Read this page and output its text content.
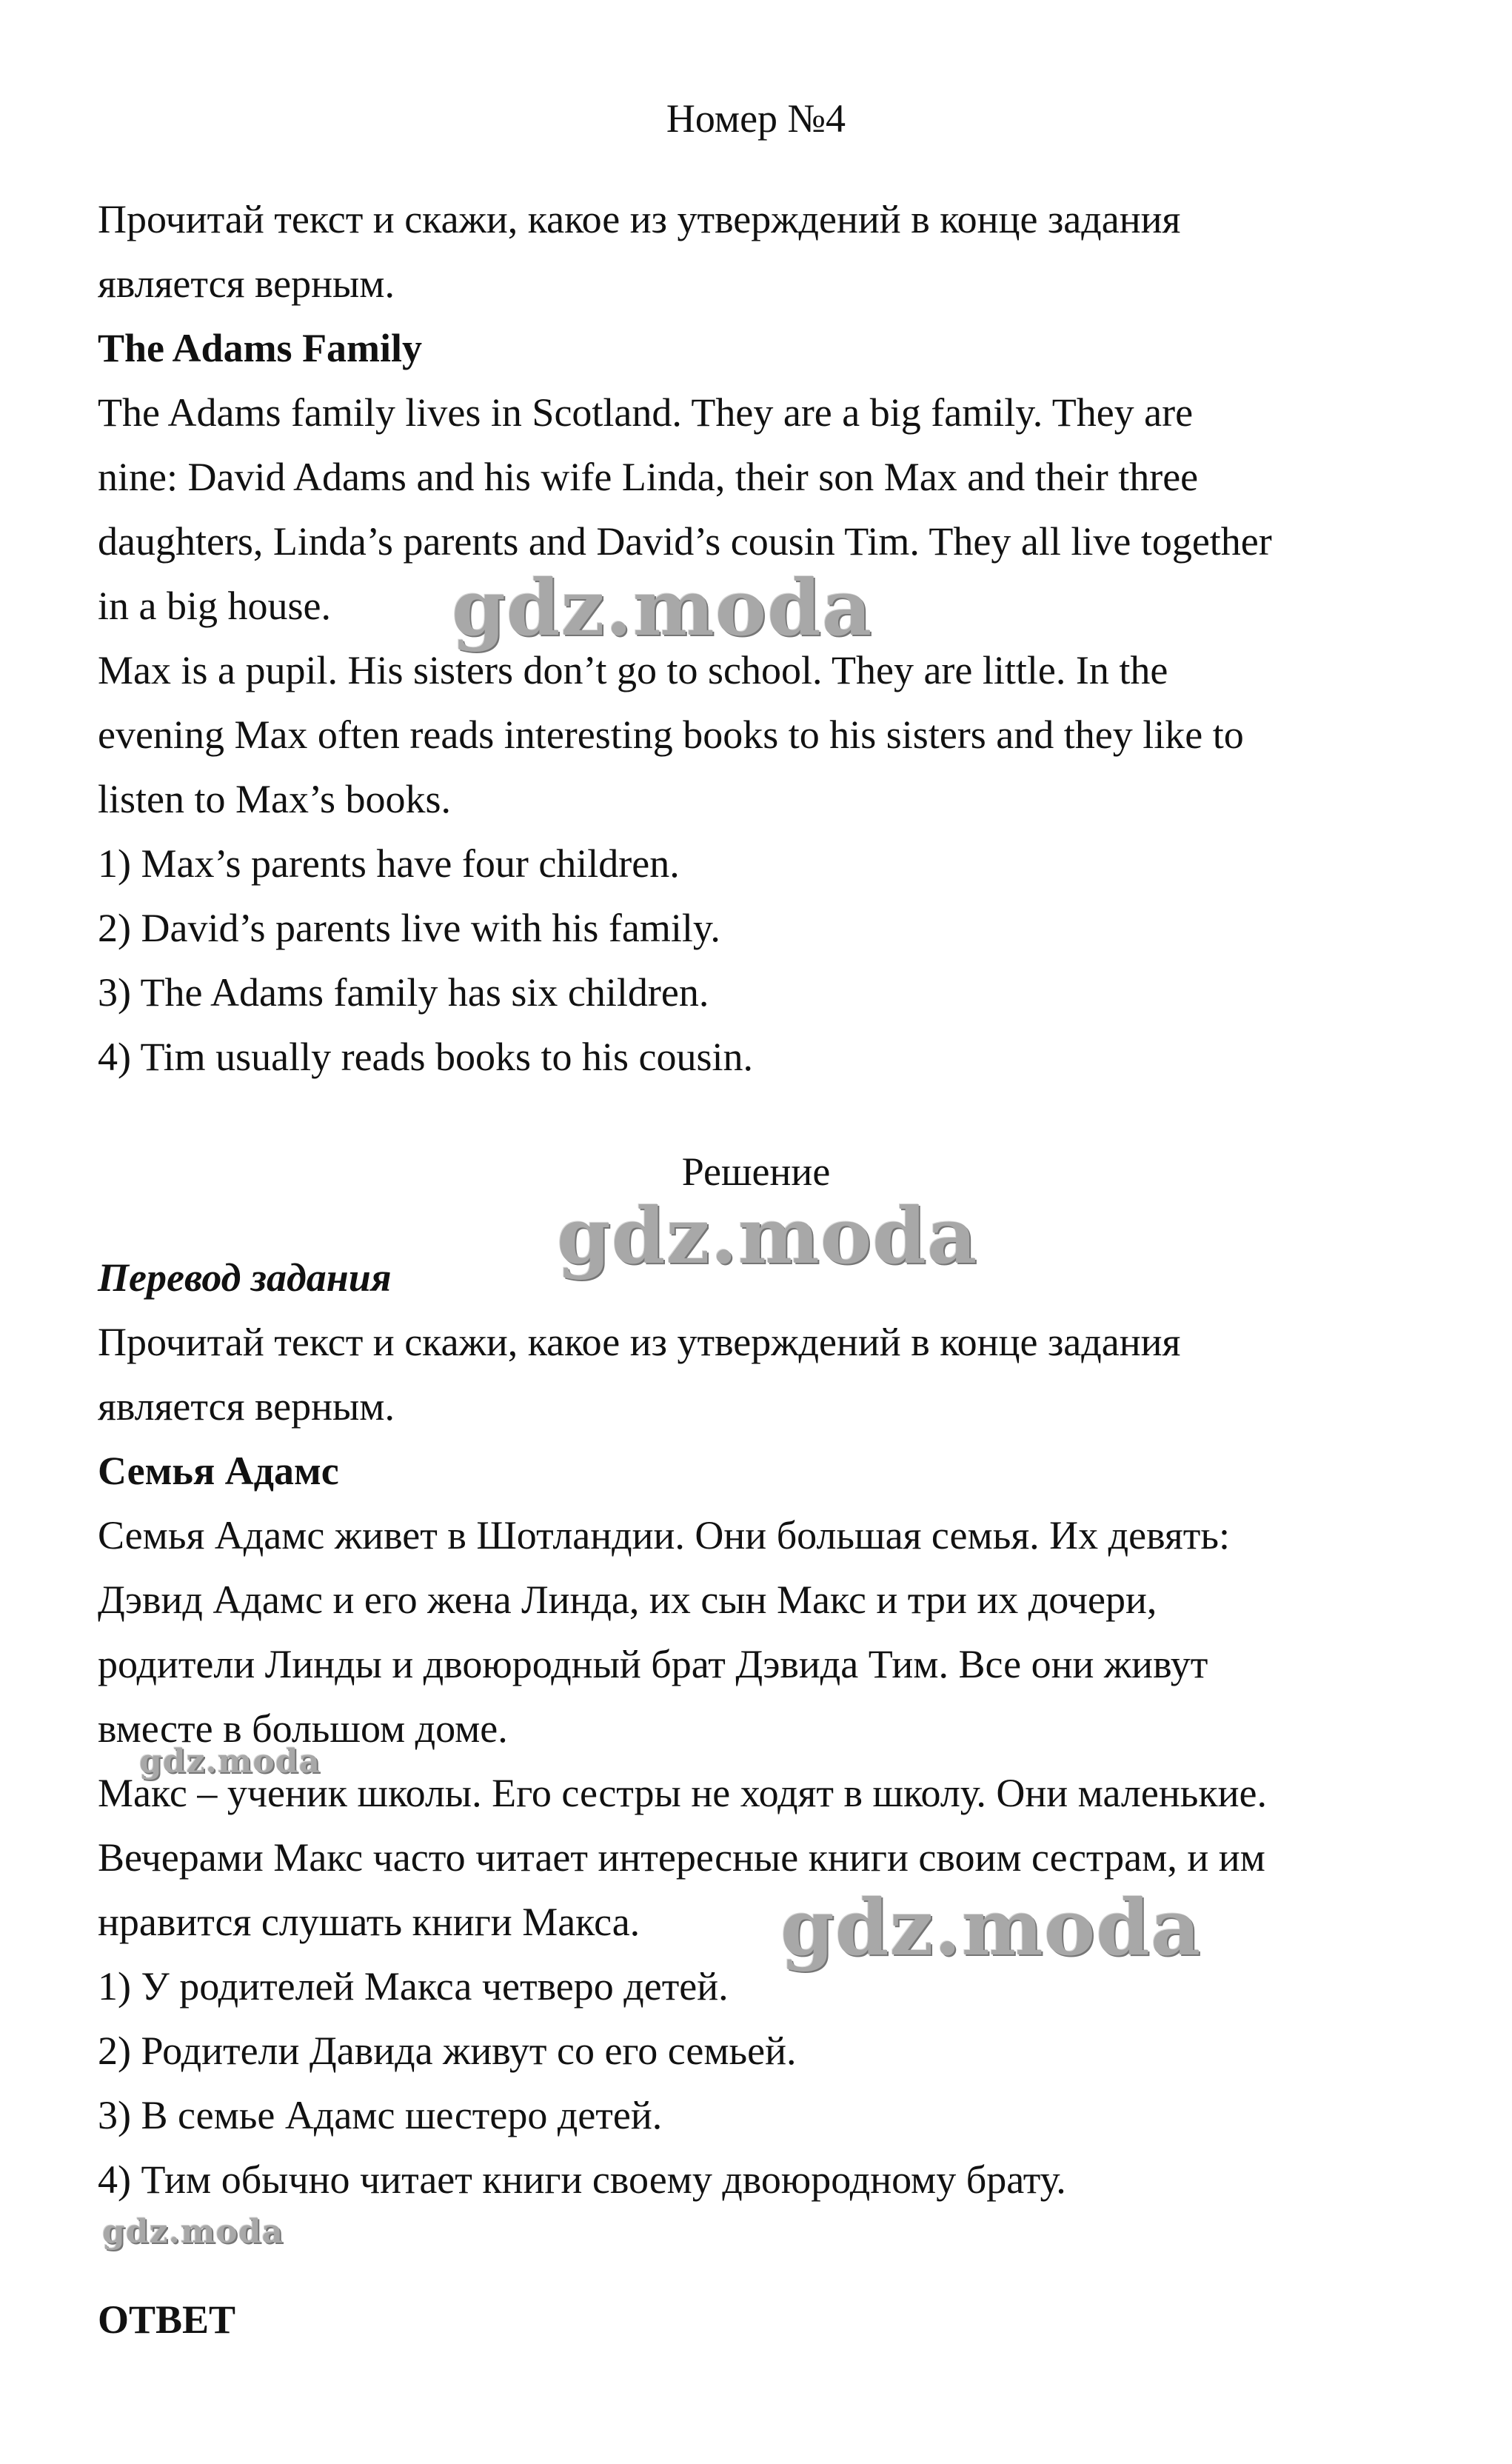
Номер №4
Прочитай текст и скажи, какое из утверждений в конце задания
является верным.
The Adams Family
The Adams family lives in Scotland. They are a big family. They are
nine: David Adams and his wife Linda, their son Max and their three
daughters, Linda’s parents and David’s cousin Tim. They all live together
in a big house.
Max is a pupil. His sisters don’t go to school. They are little. In the
evening Max often reads interesting books to his sisters and they like to
listen to Max’s books.
1) Max’s parents have four children.
2) David’s parents live with his family.
3) The Adams family has six children.
4) Tim usually reads books to his cousin.
Решение
Перевод задания
Прочитай текст и скажи, какое из утверждений в конце задания
является верным.
Семья Адамс
Семья Адамс живет в Шотландии. Они большая семья. Их девять:
Дэвид Адамс и его жена Линда, их сын Макс и три их дочери,
родители Линды и двоюродный брат Дэвида Тим. Все они живут
вместе в большом доме.
Макс – ученик школы. Его сестры не ходят в школу. Они маленькие.
Вечерами Макс часто читает интересные книги своим сестрам, и им
нравится слушать книги Макса.
1) У родителей Макса четверо детей.
2) Родители Давида живут со его семьей.
3) В семье Адамс шестеро детей.
4) Тим обычно читает книги своему двоюродному брату.
ОТВЕТ
gdz.moda
gdz.moda
gdz.moda
gdz.moda
gdz.moda
